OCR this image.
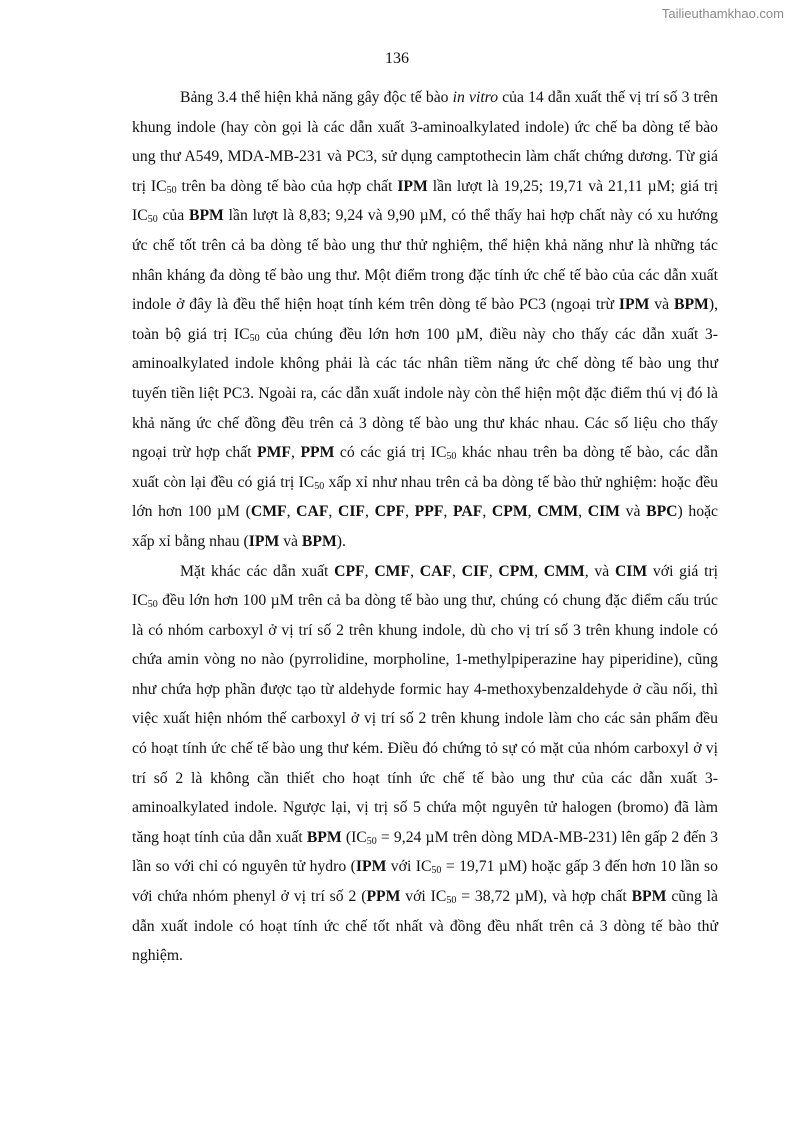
Tailieuthamkhao.com
136

Bảng 3.4 thể hiện khả năng gây độc tế bào in vitro của 14 dẫn xuất thế vị trí số 3 trên khung indole (hay còn gọi là các dẫn xuất 3-aminoalkylated indole) ức chế ba dòng tế bào ung thư A549, MDA-MB-231 và PC3, sử dụng camptothecin làm chất chứng dương. Từ giá trị $IC_{50}$ trên ba dòng tế bào của hợp chất IPM lần lượt là 19,25; 19,71 và 21,11 µM; giá trị $IC_{50}$ của BPM lần lượt là 8,83; 9,24 và 9,90 µM, có thể thấy hai hợp chất này có xu hướng ức chế tốt trên cả ba dòng tế bào ung thư thử nghiệm, thể hiện khả năng như là những tác nhân kháng đa dòng tế bào ung thư. Một điểm trong đặc tính ức chế tế bào của các dẫn xuất indole ở đây là đều thể hiện hoạt tính kém trên dòng tế bào PC3 (ngoại trừ IPM và BPM), toàn bộ giá trị $IC_{50}$ của chúng đều lớn hơn 100 µM, điều này cho thấy các dẫn xuất 3-aminoalkylated indole không phải là các tác nhân tiềm năng ức chế dòng tế bào ung thư tuyến tiền liệt PC3. Ngoài ra, các dẫn xuất indole này còn thể hiện một đặc điểm thú vị đó là khả năng ức chế đồng đều trên cả 3 dòng tế bào ung thư khác nhau. Các số liệu cho thấy ngoại trừ hợp chất PMF, PPM có các giá trị $IC_{50}$ khác nhau trên ba dòng tế bào, các dẫn xuất còn lại đều có giá trị $IC_{50}$ xấp xỉ như nhau trên cả ba dòng tế bào thử nghiệm: hoặc đều lớn hơn 100 µM (CMF, CAF, CIF, CPF, PPF, PAF, CPM, CMM, CIM và BPC) hoặc xấp xỉ bằng nhau (IPM và BPM).

Mặt khác các dẫn xuất CPF, CMF, CAF, CIF, CPM, CMM, và CIM với giá trị $IC_{50}$ đều lớn hơn 100 µM trên cả ba dòng tế bào ung thư, chúng có chung đặc điểm cấu trúc là có nhóm carboxyl ở vị trí số 2 trên khung indole, dù cho vị trí số 3 trên khung indole có chứa amin vòng no nào (pyrrolidine, morpholine, 1-methylpiperazine hay piperidine), cũng như chứa hợp phần được tạo từ aldehyde formic hay 4-methoxybenzaldehyde ở cầu nối, thì việc xuất hiện nhóm thế carboxyl ở vị trí số 2 trên khung indole làm cho các sản phẩm đều có hoạt tính ức chế tế bào ung thư kém. Điều đó chứng tỏ sự có mặt của nhóm carboxyl ở vị trí số 2 là không cần thiết cho hoạt tính ức chế tế bào ung thư của các dẫn xuất 3-aminoalkylated indole. Ngược lại, vị trị số 5 chứa một nguyên tử halogen (bromo) đã làm tăng hoạt tính của dẫn xuất BPM ($IC_{50} = 9,24$ µM trên dòng MDA-MB-231) lên gấp 2 đến 3 lần so với chỉ có nguyên tử hydro (IPM với $IC_{50} = 19,71$ µM) hoặc gấp 3 đến hơn 10 lần so với chứa nhóm phenyl ở vị trí số 2 (PPM với $IC_{50} = 38,72$ µM), và hợp chất BPM cũng là dẫn xuất indole có hoạt tính ức chế tốt nhất và đồng đều nhất trên cả 3 dòng tế bào thử nghiệm.
